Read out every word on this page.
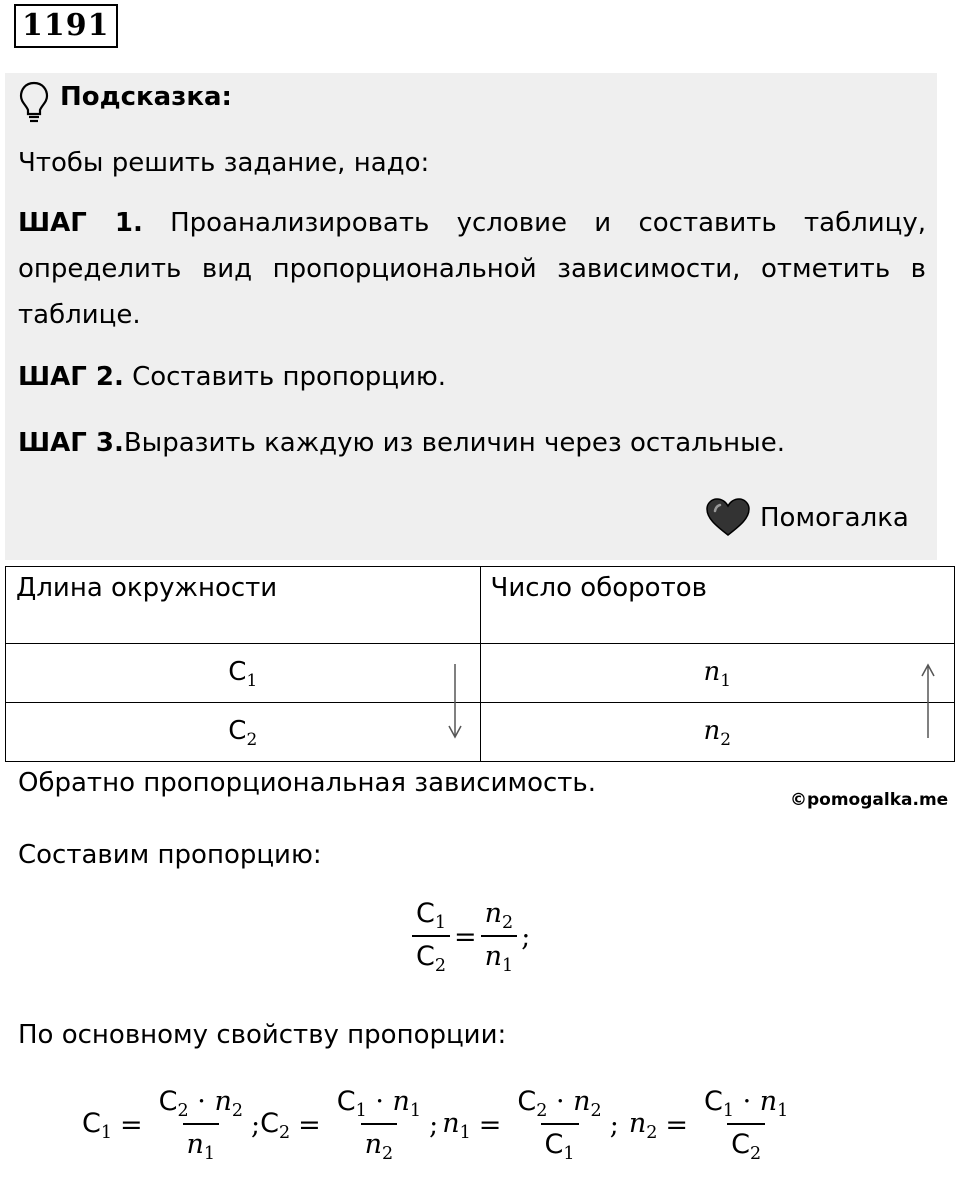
1191
Подсказка:
Чтобы решить задание, надо:
ШАГ 1. Проанализировать условие и составить таблицу, определить вид пропорциональной зависимости, отметить в таблице.
ШАГ 2. Составить пропорцию.
ШАГ 3.Выразить каждую из величин через остальные.
Помогалка
Длина окружности	Число оборотов
$C_1$	$n_1$
$C_2$	$n_2$
Обратно пропорциональная зависимость.
©pomogalka.me
Составим пропорцию:
$\frac{C_1}{C_2} = \frac{n_2}{n_1}$ ;
По основному свойству пропорции:
$C_1 = \frac{C_2 \cdot n_2}{n_1}$ ; $C_2 = \frac{C_1 \cdot n_1}{n_2}$ ; $n_1 = \frac{C_2 \cdot n_2}{C_1}$ ; $n_2 = \frac{C_1 \cdot n_1}{C_2}$
